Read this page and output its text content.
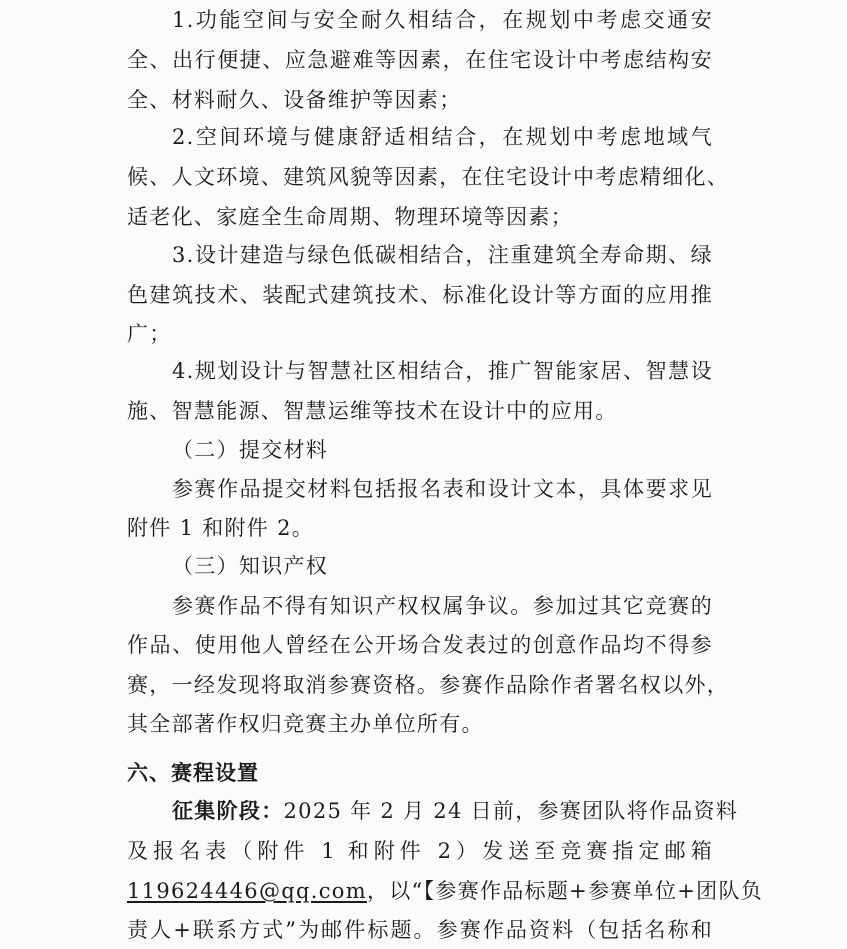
1.功能空间与安全耐久相结合，在规划中考虑交通安
全、出行便捷、应急避难等因素，在住宅设计中考虑结构安
全、材料耐久、设备维护等因素；
2.空间环境与健康舒适相结合，在规划中考虑地域气
候、人文环境、建筑风貌等因素，在住宅设计中考虑精细化、
适老化、家庭全生命周期、物理环境等因素；
3.设计建造与绿色低碳相结合，注重建筑全寿命期、绿
色建筑技术、装配式建筑技术、标准化设计等方面的应用推
广；
4.规划设计与智慧社区相结合，推广智能家居、智慧设
施、智慧能源、智慧运维等技术在设计中的应用。
（二）提交材料
参赛作品提交材料包括报名表和设计文本，具体要求见
附件 1 和附件 2。
（三）知识产权
参赛作品不得有知识产权权属争议。参加过其它竞赛的
作品、使用他人曾经在公开场合发表过的创意作品均不得参
赛，一经发现将取消参赛资格。参赛作品除作者署名权以外，
其全部著作权归竞赛主办单位所有。
六、赛程设置
征集阶段：2025 年 2 月 24 日前，参赛团队将作品资料
及报名表（附件 1 和附件 2）发送至竞赛指定邮箱
119624446@qq.com，以“【参赛作品标题+参赛单位+团队负
责人+联系方式”为邮件标题。参赛作品资料（包括名称和
